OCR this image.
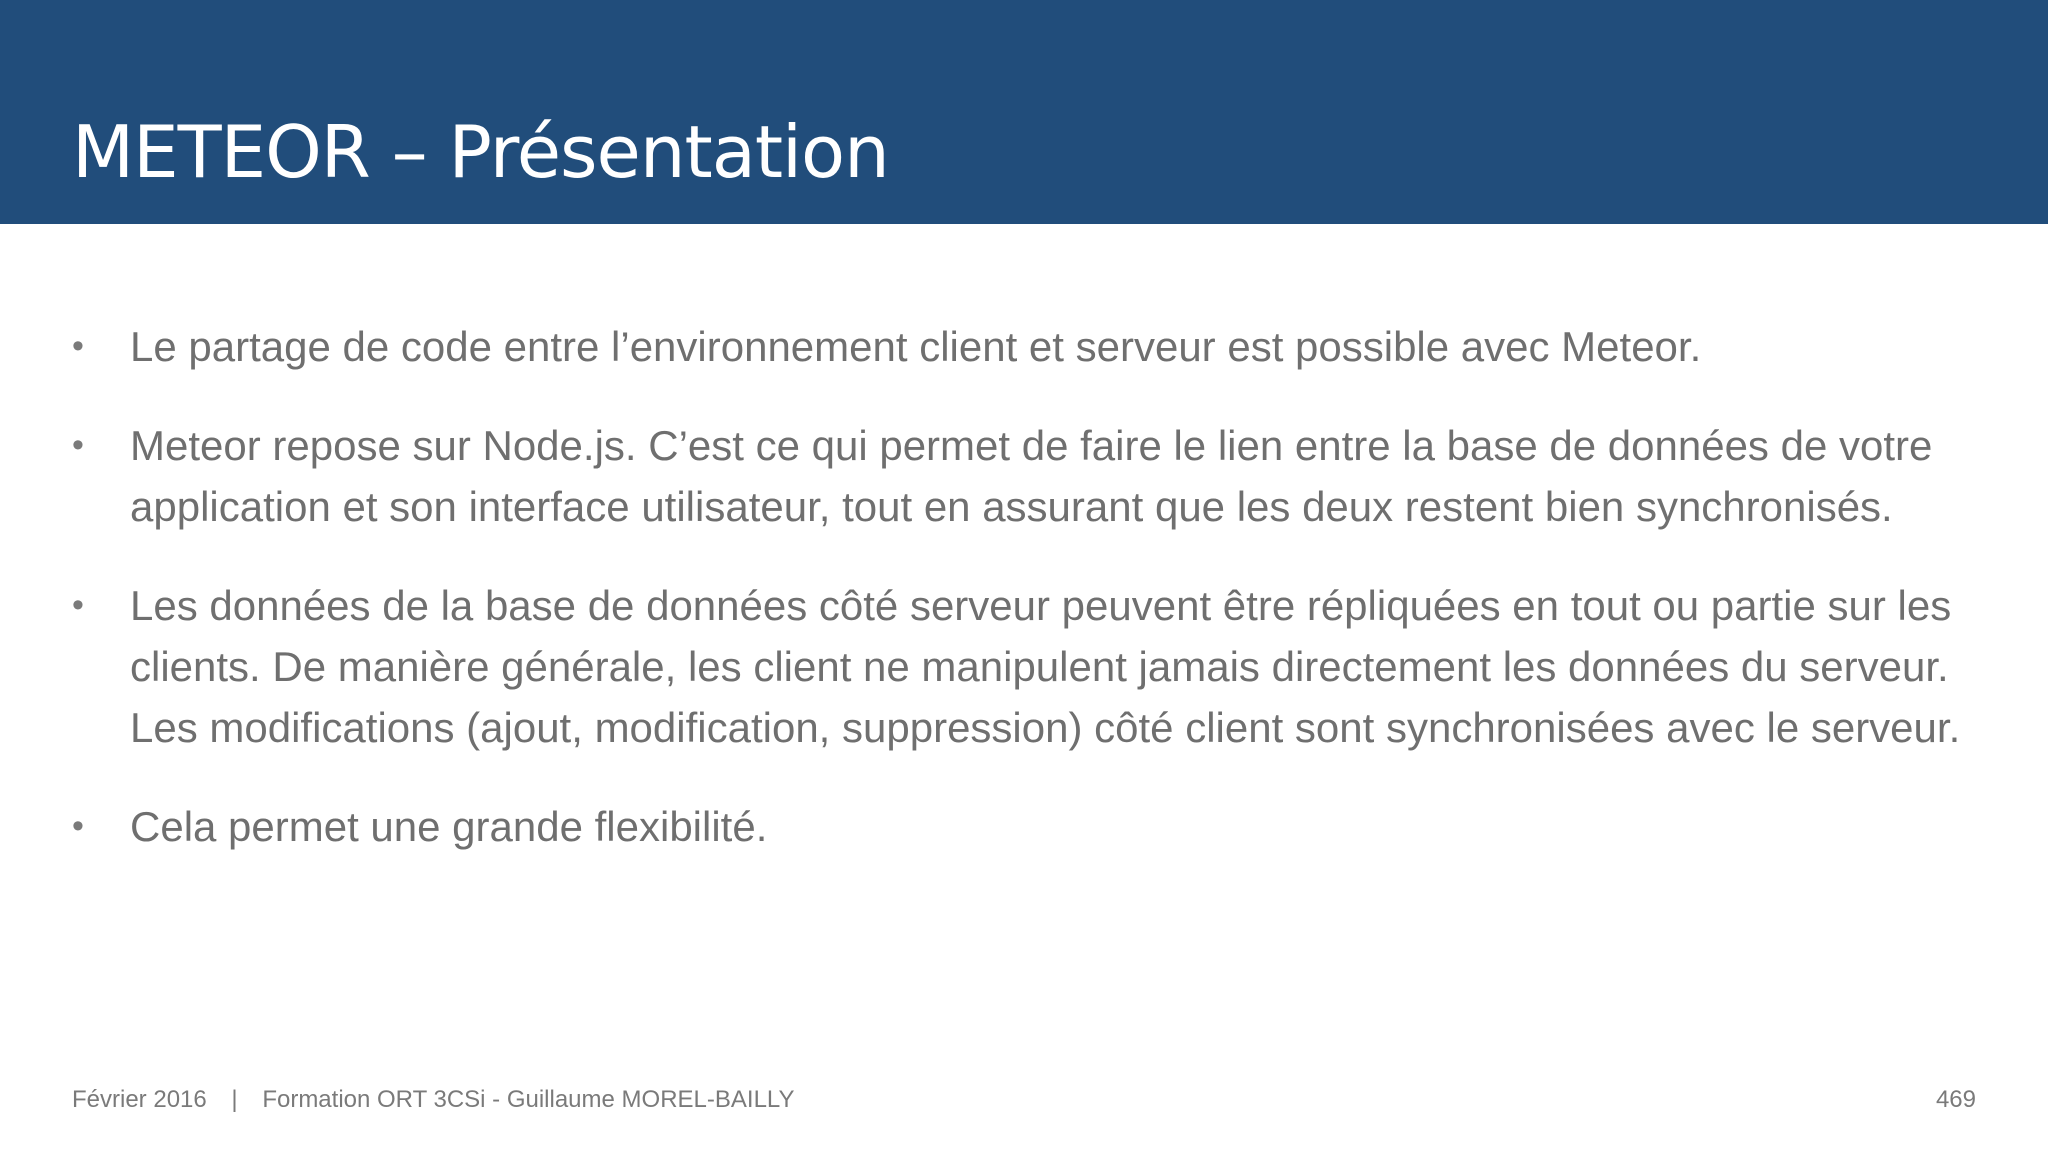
METEOR – Présentation
• Le partage de code entre l’environnement client et serveur est possible avec Meteor.
• Meteor repose sur Node.js. C’est ce qui permet de faire le lien entre la base de données de votre
application et son interface utilisateur, tout en assurant que les deux restent bien synchronisés.
• Les données de la base de données côté serveur peuvent être répliquées en tout ou partie sur les
clients. De manière générale, les client ne manipulent jamais directement les données du serveur.
Les modifications (ajout, modification, suppression) côté client sont synchronisées avec le serveur.
• Cela permet une grande flexibilité.
Février 2016 | Formation ORT 3CSi - Guillaume MOREL-BAILLY	469
